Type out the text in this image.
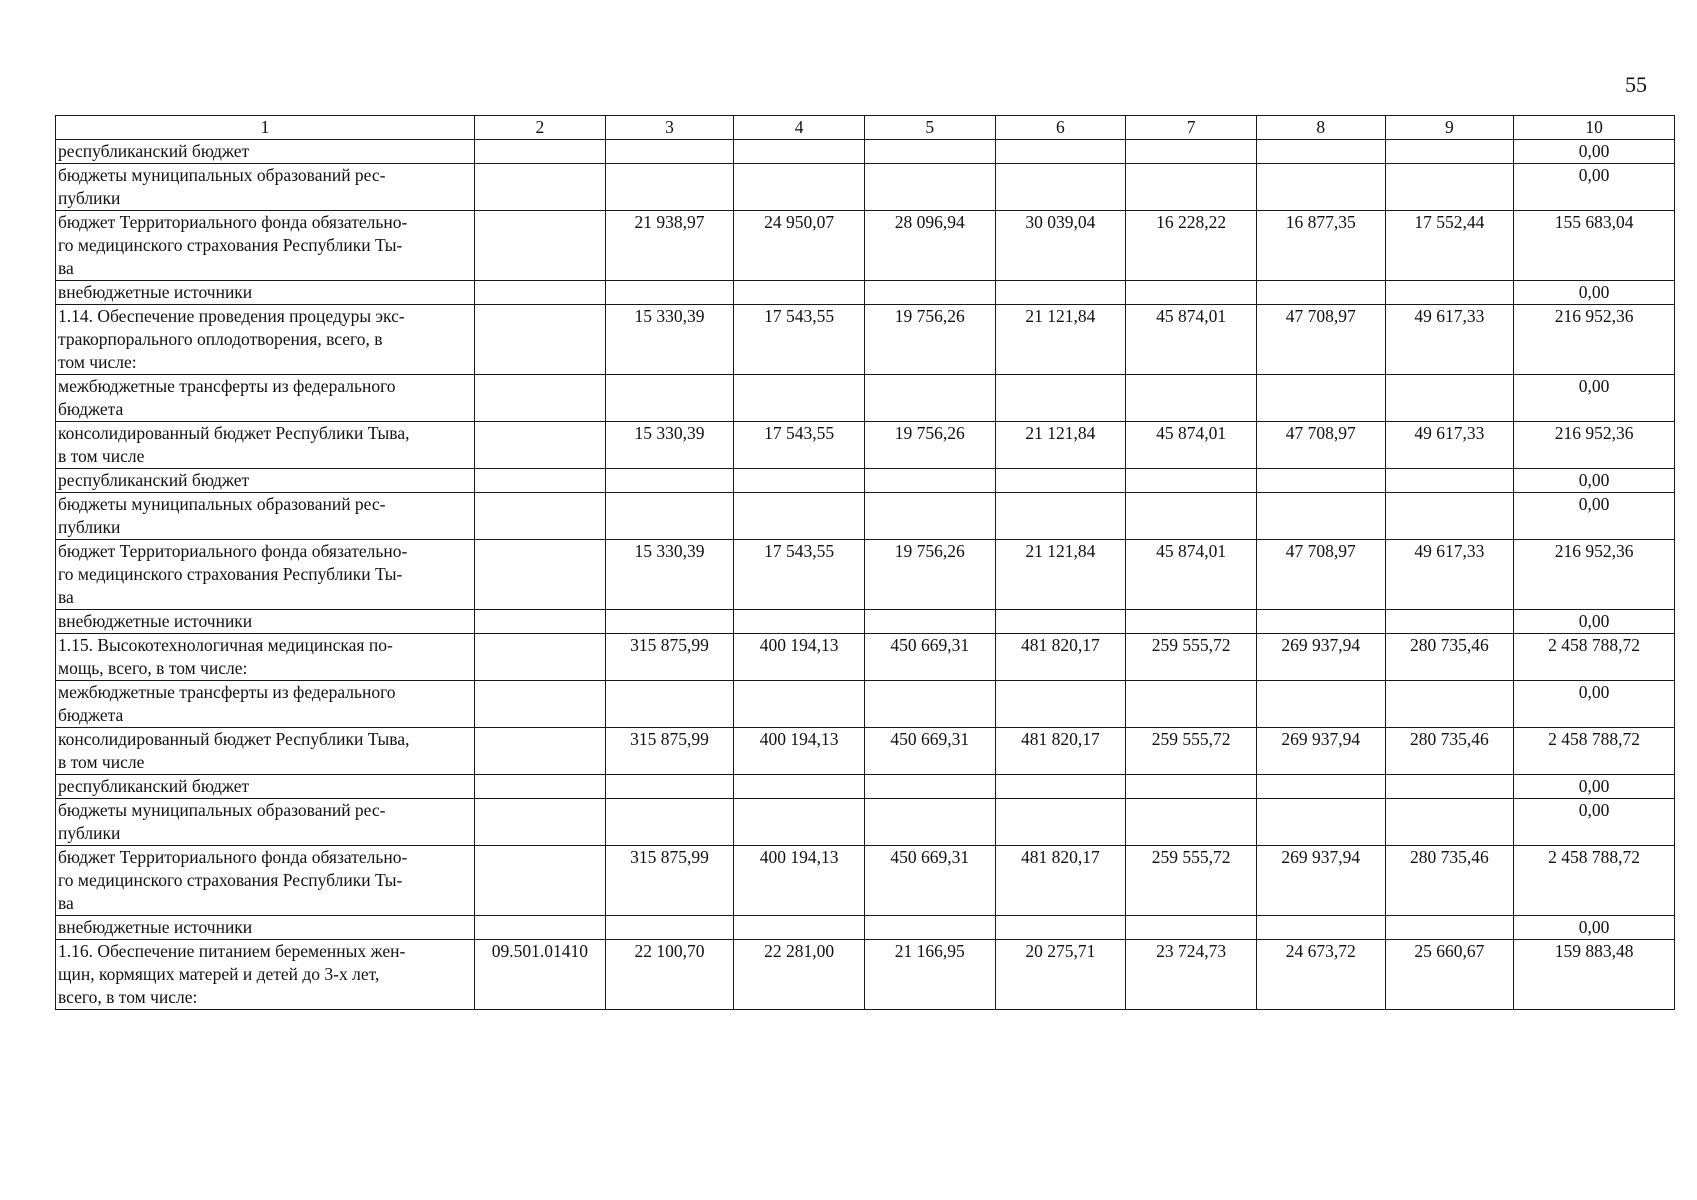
55
1	2	3	4	5	6	7	8	9	10
республиканский бюджет									0,00
бюджеты муниципальных образований рес-
публики									0,00
бюджет Территориального фонда обязательно-
го медицинского страхования Республики Ты-
ва		21 938,97	24 950,07	28 096,94	30 039,04	16 228,22	16 877,35	17 552,44	155 683,04
внебюджетные источники									0,00
1.14. Обеспечение проведения процедуры экс-
тракорпорального оплодотворения, всего, в
том числе:		15 330,39	17 543,55	19 756,26	21 121,84	45 874,01	47 708,97	49 617,33	216 952,36
межбюджетные трансферты из федерального
бюджета									0,00
консолидированный бюджет Республики Тыва,
в том числе		15 330,39	17 543,55	19 756,26	21 121,84	45 874,01	47 708,97	49 617,33	216 952,36
республиканский бюджет									0,00
бюджеты муниципальных образований рес-
публики									0,00
бюджет Территориального фонда обязательно-
го медицинского страхования Республики Ты-
ва		15 330,39	17 543,55	19 756,26	21 121,84	45 874,01	47 708,97	49 617,33	216 952,36
внебюджетные источники									0,00
1.15. Высокотехнологичная медицинская по-
мощь, всего, в том числе:		315 875,99	400 194,13	450 669,31	481 820,17	259 555,72	269 937,94	280 735,46	2 458 788,72
межбюджетные трансферты из федерального
бюджета									0,00
консолидированный бюджет Республики Тыва,
в том числе		315 875,99	400 194,13	450 669,31	481 820,17	259 555,72	269 937,94	280 735,46	2 458 788,72
республиканский бюджет									0,00
бюджеты муниципальных образований рес-
публики									0,00
бюджет Территориального фонда обязательно-
го медицинского страхования Республики Ты-
ва		315 875,99	400 194,13	450 669,31	481 820,17	259 555,72	269 937,94	280 735,46	2 458 788,72
внебюджетные источники									0,00
1.16. Обеспечение питанием беременных жен-
щин, кормящих матерей и детей до 3-х лет,
всего, в том числе:	09.501.01410	22 100,70	22 281,00	21 166,95	20 275,71	23 724,73	24 673,72	25 660,67	159 883,48
